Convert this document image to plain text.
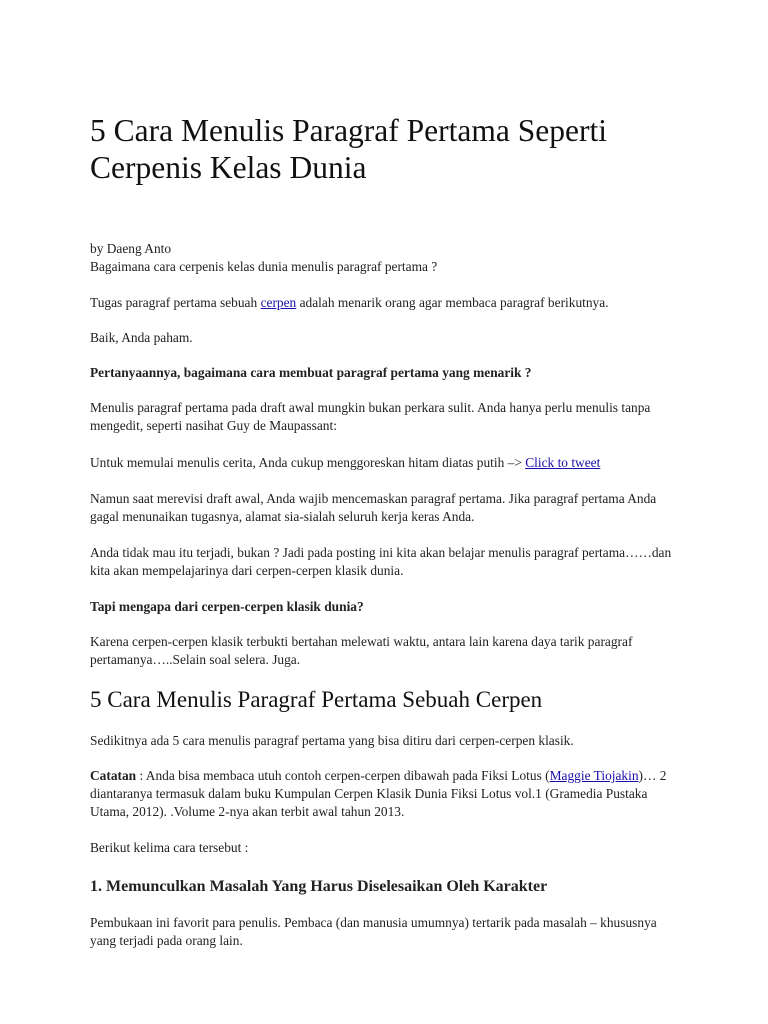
5 Cara Menulis Paragraf Pertama Seperti Cerpenis Kelas Dunia

by Daeng Anto

Bagaimana cara cerpenis kelas dunia menulis paragraf pertama ?

Tugas paragraf pertama sebuah cerpen adalah menarik orang agar membaca paragraf berikutnya.

Baik, Anda paham.

Pertanyaannya, bagaimana cara membuat paragraf pertama yang menarik ?

Menulis paragraf pertama pada draft awal mungkin bukan perkara sulit. Anda hanya perlu menulis tanpa mengedit, seperti nasihat Guy de Maupassant:

Untuk memulai menulis cerita, Anda cukup menggoreskan hitam diatas putih –> Click to tweet

Namun saat merevisi draft awal, Anda wajib mencemaskan paragraf pertama. Jika paragraf pertama Anda gagal menunaikan tugasnya, alamat sia-sialah seluruh kerja keras Anda.

Anda tidak mau itu terjadi, bukan ? Jadi pada posting ini kita akan belajar menulis paragraf pertama……dan kita akan mempelajarinya dari cerpen-cerpen klasik dunia.

Tapi mengapa dari cerpen-cerpen klasik dunia?

Karena cerpen-cerpen klasik terbukti bertahan melewati waktu, antara lain karena daya tarik paragraf pertamanya…..Selain soal selera. Juga.

5 Cara Menulis Paragraf Pertama Sebuah Cerpen

Sedikitnya ada 5 cara menulis paragraf pertama yang bisa ditiru dari cerpen-cerpen klasik.

Catatan : Anda bisa membaca utuh contoh cerpen-cerpen dibawah pada Fiksi Lotus (Maggie Tiojakin)… 2 diantaranya termasuk dalam buku Kumpulan Cerpen Klasik Dunia Fiksi Lotus vol.1 (Gramedia Pustaka Utama, 2012). .Volume 2-nya akan terbit awal tahun 2013.

Berikut kelima cara tersebut :

1. Memunculkan Masalah Yang Harus Diselesaikan Oleh Karakter

Pembukaan ini favorit para penulis. Pembaca (dan manusia umumnya) tertarik pada masalah – khususnya yang terjadi pada orang lain.
